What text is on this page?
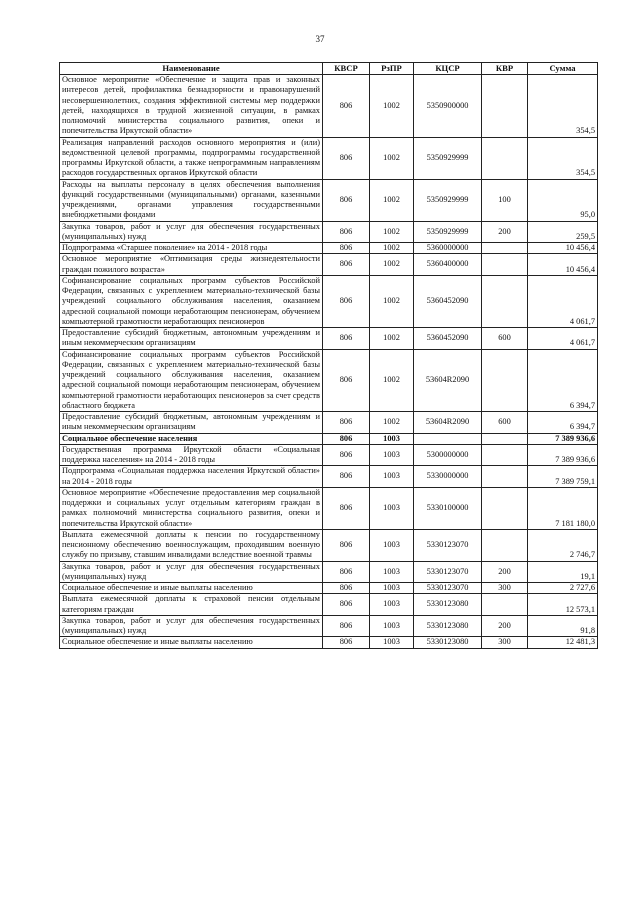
37
Наименование	КВСР	РзПР	КЦСР	КВР	Сумма
Основное мероприятие «Обеспечение и защита прав и законных интересов детей, профилактика безнадзорности и правонарушений несовершеннолетних, создания эффективной системы мер поддержки детей, находящихся в трудной жизненной ситуации, в рамках полномочий министерства социального развития, опеки и попечительства Иркутской области»	806	1002	5350900000		354,5
Реализация направлений расходов основного мероприятия и (или) ведомственной целевой программы, подпрограммы государственной программы Иркутской области, а также непрограммным направлениям расходов государственных органов Иркутской области	806	1002	5350929999		354,5
Расходы на выплаты персоналу в целях обеспечения выполнения функций государственными (муниципальными) органами, казенными учреждениями, органами управления государственными внебюджетными фондами	806	1002	5350929999	100	95,0
Закупка товаров, работ и услуг для обеспечения государственных (муниципальных) нужд	806	1002	5350929999	200	259,5
Подпрограмма «Старшее поколение» на 2014 - 2018 годы	806	1002	5360000000		10 456,4
Основное мероприятие «Оптимизация среды жизнедеятельности граждан пожилого возраста»	806	1002	5360400000		10 456,4
Софинансирование социальных программ субъектов Российской Федерации, связанных с укреплением материально-технической базы учреждений социального обслуживания населения, оказанием адресной социальной помощи неработающим пенсионерам, обучением компьютерной грамотности неработающих пенсионеров	806	1002	5360452090		4 061,7
Предоставление субсидий бюджетным, автономным учреждениям и иным некоммерческим организациям	806	1002	5360452090	600	4 061,7
Софинансирование социальных программ субъектов Российской Федерации, связанных с укреплением материально-технической базы учреждений социального обслуживания населения, оказанием адресной социальной помощи неработающим пенсионерам, обучением компьютерной грамотности неработающих пенсионеров за счет средств областного бюджета	806	1002	53604R2090		6 394,7
Предоставление субсидий бюджетным, автономным учреждениям и иным некоммерческим организациям	806	1002	53604R2090	600	6 394,7
Социальное обеспечение населения	806	1003			7 389 936,6
Государственная программа Иркутской области «Социальная поддержка населения» на 2014 - 2018 годы	806	1003	5300000000		7 389 936,6
Подпрограмма «Социальная поддержка населения Иркутской области» на 2014 - 2018 годы	806	1003	5330000000		7 389 759,1
Основное мероприятие «Обеспечение предоставления мер социальной поддержки и социальных услуг отдельным категориям граждан в рамках полномочий министерства социального развития, опеки и попечительства Иркутской области»	806	1003	5330100000		7 181 180,0
Выплата ежемесячной доплаты к пенсии по государственному пенсионному обеспечению военнослужащим, проходившим военную службу по призыву, ставшим инвалидами вследствие военной травмы	806	1003	5330123070		2 746,7
Закупка товаров, работ и услуг для обеспечения государственных (муниципальных) нужд	806	1003	5330123070	200	19,1
Социальное обеспечение и иные выплаты населению	806	1003	5330123070	300	2 727,6
Выплата ежемесячной доплаты к страховой пенсии отдельным категориям граждан	806	1003	5330123080		12 573,1
Закупка товаров, работ и услуг для обеспечения государственных (муниципальных) нужд	806	1003	5330123080	200	91,8
Социальное обеспечение и иные выплаты населению	806	1003	5330123080	300	12 481,3
